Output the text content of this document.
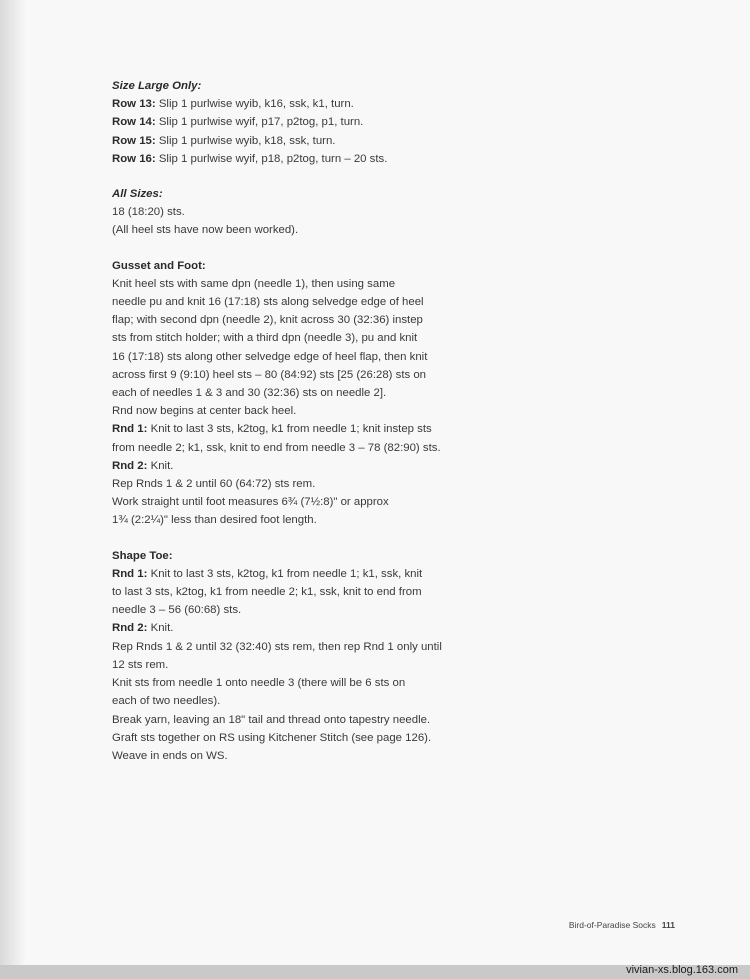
Size Large Only:

Row 13: Slip 1 purlwise wyib, k16, ssk, k1, turn.

Row 14: Slip 1 purlwise wyif, p17, p2tog, p1, turn.

Row 15: Slip 1 purlwise wyib, k18, ssk, turn.

Row 16: Slip 1 purlwise wyif, p18, p2tog, turn – 20 sts.

All Sizes:

18 (18:20) sts.

(All heel sts have now been worked).

Gusset and Foot:

Knit heel sts with same dpn (needle 1), then using same

needle pu and knit 16 (17:18) sts along selvedge edge of heel

flap; with second dpn (needle 2), knit across 30 (32:36) instep

sts from stitch holder; with a third dpn (needle 3), pu and knit

16 (17:18) sts along other selvedge edge of heel flap, then knit

across first 9 (9:10) heel sts – 80 (84:92) sts [25 (26:28) sts on

each of needles 1 & 3 and 30 (32:36) sts on needle 2].

Rnd now begins at center back heel.

Rnd 1: Knit to last 3 sts, k2tog, k1 from needle 1; knit instep sts

from needle 2; k1, ssk, knit to end from needle 3 – 78 (82:90) sts.

Rnd 2: Knit.

Rep Rnds 1 & 2 until 60 (64:72) sts rem.

Work straight until foot measures 6¾ (7½:8)" or approx

1¾ (2:2¼)" less than desired foot length.

Shape Toe:

Rnd 1: Knit to last 3 sts, k2tog, k1 from needle 1; k1, ssk, knit

to last 3 sts, k2tog, k1 from needle 2; k1, ssk, knit to end from

needle 3 – 56 (60:68) sts.

Rnd 2: Knit.

Rep Rnds 1 & 2 until 32 (32:40) sts rem, then rep Rnd 1 only until

12 sts rem.

Knit sts from needle 1 onto needle 3 (there will be 6 sts on

each of two needles).

Break yarn, leaving an 18" tail and thread onto tapestry needle.

Graft sts together on RS using Kitchener Stitch (see page 126).

Weave in ends on WS.

Bird-of-Paradise Socks 111
vivian-xs.blog.163.com
